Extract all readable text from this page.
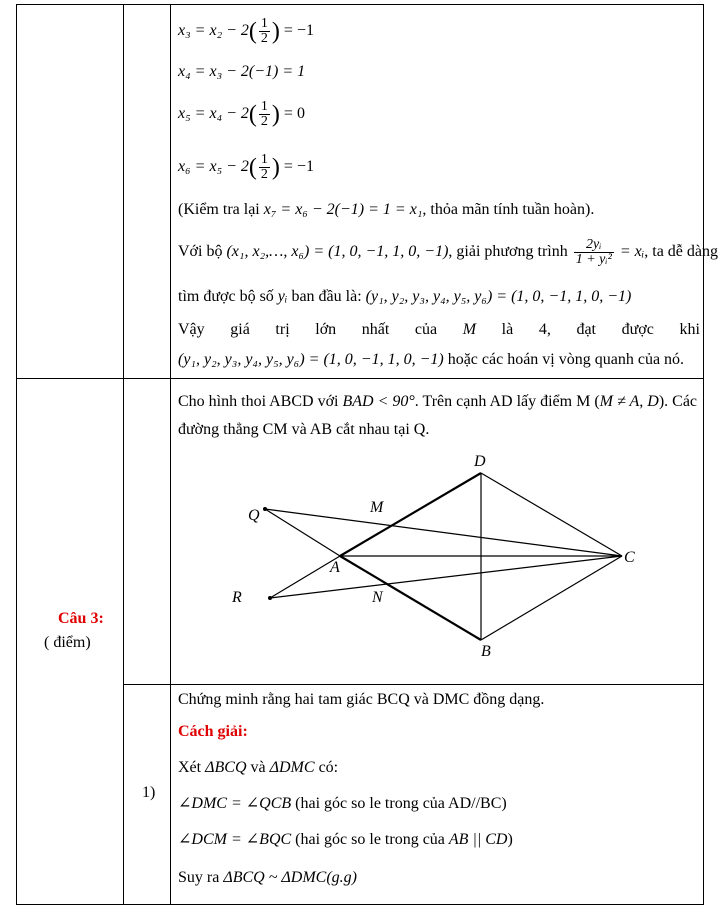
$x_3 = x_2 - 2( \frac{1}{2}$ ) = −1
x₄ = x₃ − 2(−1) = 1
$x_5 = x_4 - 2( \frac{1}{2}$ ) = 0
$x_6 = x_5 - 2( \frac{1}{2}$ ) = −1
(Kiểm tra lại x₇ = x₆ − 2(−1) = 1 = x₁, thỏa mãn tính tuần hoàn).
Với bộ (x₁, x₂,…, x₆) = (1, 0, −1, 1, 0, −1), giải phương trình $\frac{\text{2yᵢ}}{\text{1 + yᵢ²}}$ = xᵢ, ta dễ dàng
tìm được bộ số yᵢ ban đầu là: (y₁, y₂, y₃, y₄, y₅, y₆) = (1, 0, −1, 1, 0, −1)
Vậy giá trị lớn nhất của M là 4, đạt được khi
(y₁, y₂, y₃, y₄, y₅, y₆) = (1, 0, −1, 1, 0, −1) hoặc các hoán vị vòng quanh của nó.
Câu 3:
( điểm)
Cho hình thoi ABCD với BAD < 90°. Trên cạnh AD lấy điểm M (M ≠ A, D). Các
đường thẳng CM và AB cắt nhau tại Q.
D
M
Q
A
C
R	N
B
1)
Chứng minh rằng hai tam giác BCQ và DMC đồng dạng.
Cách giải:
Xét ΔBCQ và ΔDMC có:
∠DMC = ∠QCB (hai góc so le trong của AD//BC)
∠DCM = ∠BQC (hai góc so le trong của AB || CD)
Suy ra ΔBCQ ~ ΔDMC(g.g)
